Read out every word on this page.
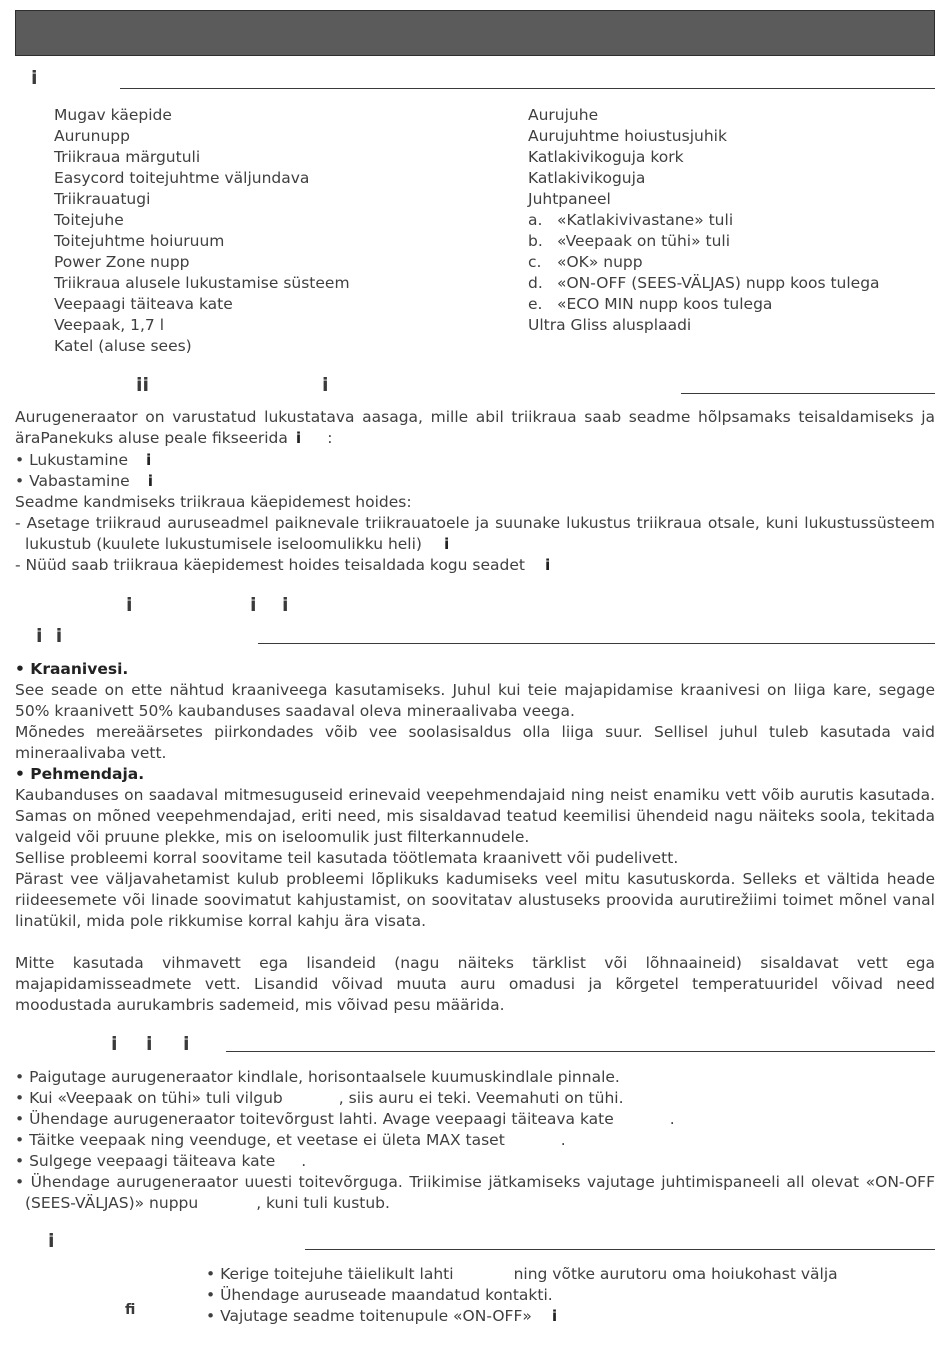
i
Mugav käepide
Aurunupp
Triikraua märgutuli
Easycord toitejuhtme väljundava
Triikrauatugi
Toitejuhe
Toitejuhtme hoiuruum
Power Zone nupp
Triikraua alusele lukustamise süsteem
Veepaagi täiteava kate
Veepaak, 1,7 l
Katel (aluse sees)
Aurujuhe
Aurujuhtme hoiustusjuhik
Katlakivikoguja kork
Katlakivikoguja
Juhtpaneel
a. «Katlakivivastane» tuli
b. «Veepaak on tühi» tuli
c. «OK» nupp
d. «ON-OFF (SEES-VÄLJAS) nupp koos tulega
e. «ECO MIN nupp koos tulega
Ultra Gliss alusplaadi
ii	i
Aurugeneraator on varustatud lukustatava aasaga, mille abil triikraua saab seadme hõlpsamaks teisaldamiseks ja äraPanekuks aluse peale fikseerida i :
• Lukustamine i
• Vabastamine i
Seadme kandmiseks triikraua käepidemest hoides:
- Asetage triikraud auruseadmel paiknevale triikrauatoele ja suunake lukustus triikraua otsale, kuni lukustussüsteem
lukustub (kuulete lukustumisele iseloomulikku heli) i
- Nüüd saab triikraua käepidemest hoides teisaldada kogu seadet i
i	i i
i  i
• Kraanivesi.
See seade on ette nähtud kraaniveega kasutamiseks. Juhul kui teie majapidamise kraanivesi on liiga kare, segage 50% kraanivett 50% kaubanduses saadaval oleva mineraalivaba veega.
Mõnedes mereäärsetes piirkondades võib vee soolasisaldus olla liiga suur. Sellisel juhul tuleb kasutada vaid mineraalivaba vett.
• Pehmendaja.
Kaubanduses on saadaval mitmesuguseid erinevaid veepehmendajaid ning neist enamiku vett võib aurutis kasutada. Samas on mõned veepehmendajad, eriti need, mis sisaldavad teatud keemilisi ühendeid nagu näiteks soola, tekitada valgeid või pruune plekke, mis on iseloomulik just filterkannudele.
Sellise probleemi korral soovitame teil kasutada töötlemata kraanivett või pudelivett.
Pärast vee väljavahetamist kulub probleemi lõplikuks kadumiseks veel mitu kasutuskorda. Selleks et vältida heade riideesemete või linade soovimatut kahjustamist, on soovitatav alustuseks proovida aurutirežiimi toimet mõnel vanal linatükil, mida pole rikkumise korral kahju ära visata.
Mitte kasutada vihmavett ega lisandeid (nagu näiteks tärklist või lõhnaaineid) sisaldavat vett ega majapidamisseadmete vett. Lisandid võivad muuta auru omadusi ja kõrgetel temperatuuridel võivad need moodustada aurukambris sademeid, mis võivad pesu määrida.
i i i
• Paigutage aurugeneraator kindlale, horisontaalsele kuumuskindlale pinnale.
• Kui «Veepaak on tühi» tuli vilgub	, siis auru ei teki. Veemahuti on tühi.
• Ühendage aurugeneraator toitevõrgust lahti. Avage veepaagi täiteava kate	.
• Täitke veepaak ning veenduge, et veetase ei ületa MAX taset	.
• Sulgege veepaagi täiteava kate .
• Ühendage aurugeneraator uuesti toitevõrguga. Triikimise jätkamiseks vajutage juhtimispaneeli all olevat «ON-OFF
(SEES-VÄLJAS)» nuppu	, kuni tuli kustub.
i
• Kerige toitejuhe täielikult lahti	ning võtke aurutoru oma hoiukohast välja
• Ühendage auruseade maandatud kontakti.
• Vajutage seadme toitenupule «ON-OFF» i
ﬁ
